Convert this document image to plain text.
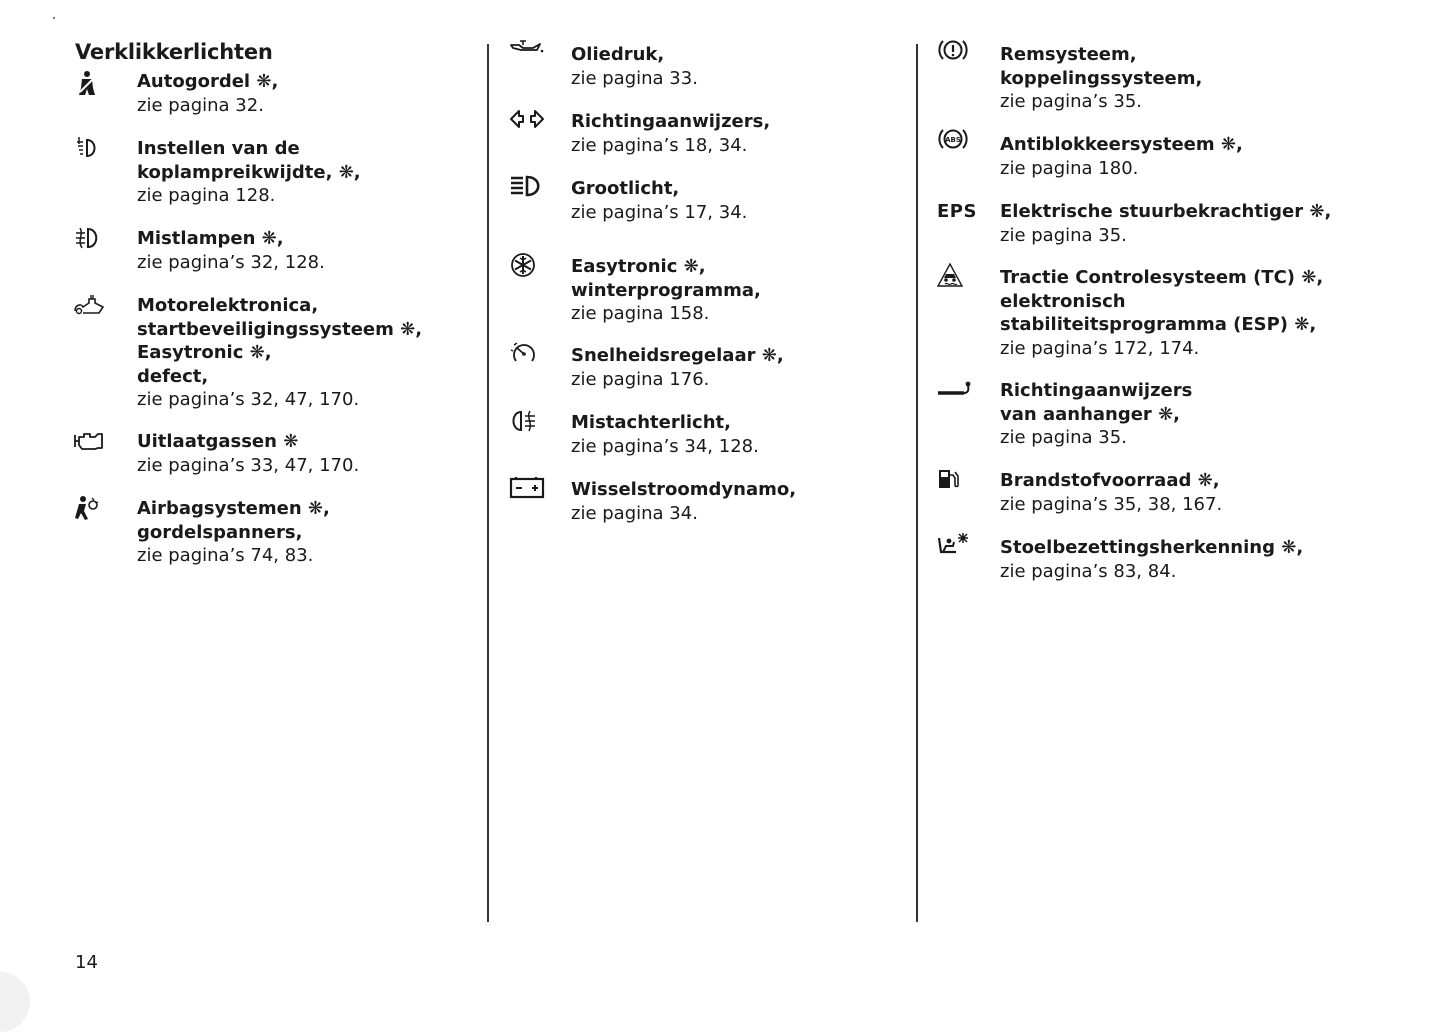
Verklikkerlichten
Autogordel ❋,
zie pagina 32.
Instellen van de
koplampreikwijdte, ❋,
zie pagina 128.
Mistlampen ❋,
zie pagina’s 32, 128.
Motorelektronica,
startbeveiligingssysteem ❋,
Easytronic ❋,
defect,
zie pagina’s 32, 47, 170.
Uitlaatgassen ❋
zie pagina’s 33, 47, 170.
Airbagsystemen ❋,
gordelspanners,
zie pagina’s 74, 83.
Oliedruk,
zie pagina 33.
Richtingaanwijzers,
zie pagina’s 18, 34.
Grootlicht,
zie pagina’s 17, 34.
Easytronic ❋,
winterprogramma,
zie pagina 158.
Snelheidsregelaar ❋,
zie pagina 176.
Mistachterlicht,
zie pagina’s 34, 128.
Wisselstroomdynamo,
zie pagina 34.
Remsysteem,
koppelingssysteem,
zie pagina’s 35.
ABS Antiblokkeersysteem ❋,
zie pagina 180.
EPS Elektrische stuurbekrachtiger ❋,
zie pagina 35.
Tractie Controlesysteem (TC) ❋,
elektronisch
stabiliteitsprogramma (ESP) ❋,
zie pagina’s 172, 174.
Richtingaanwijzers
van aanhanger ❋,
zie pagina 35.
Brandstofvoorraad ❋,
zie pagina’s 35, 38, 167.
Stoelbezettingsherkenning ❋,
zie pagina’s 83, 84.
14
